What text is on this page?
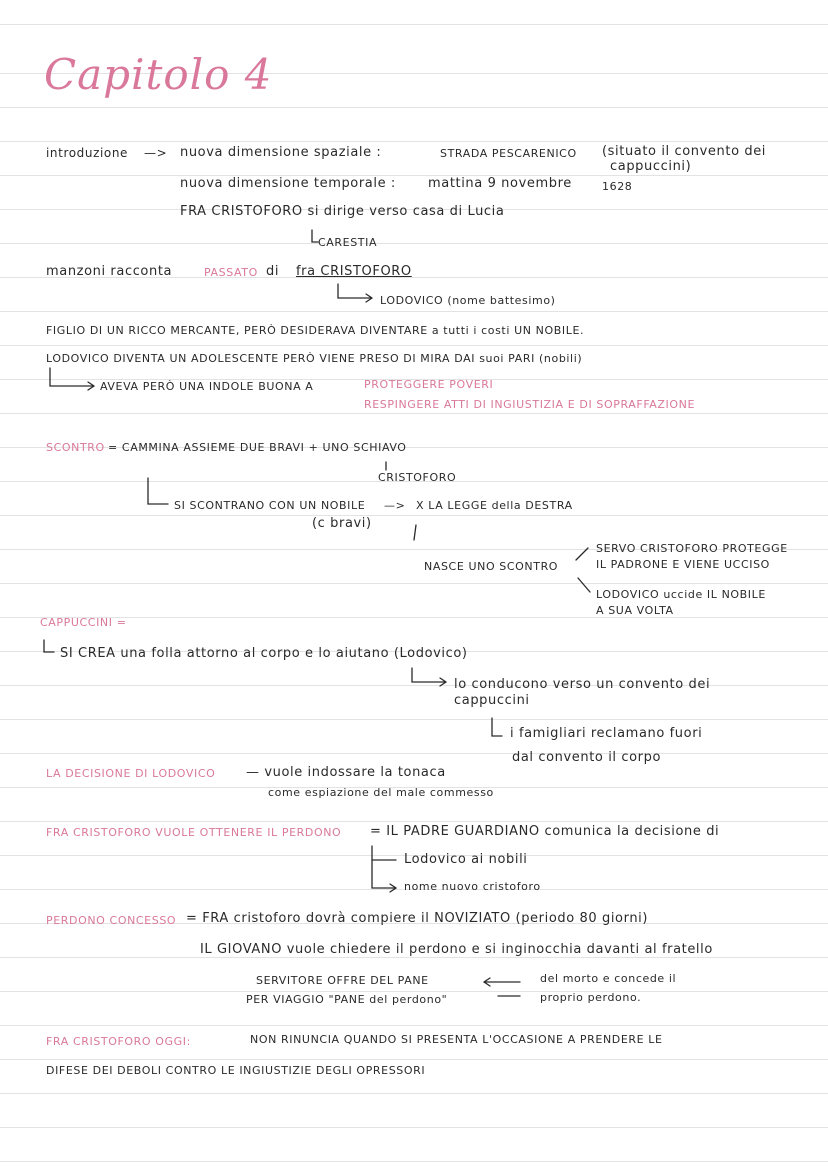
Capitolo 4
introduzione —> nuova dimensione spaziale :	STRADA PESCARENICO (situato il convento dei
cappuccini)
nuova dimensione temporale : mattina 9 novembre	1628
FRA CRISTOFORO si dirige verso casa di Lucia
CARESTIA
manzoni racconta	PASSATO di fra CRISTOFORO
LODOVICO (nome battesimo)
FIGLIO DI UN RICCO MERCANTE, PERÒ DESIDERAVA DIVENTARE a tutti i costi UN NOBILE.
LODOVICO DIVENTA UN ADOLESCENTE PERÒ VIENE PRESO DI MIRA DAI suoi PARI (nobili)
AVEVA PERÒ UNA INDOLE BUONA A	PROTEGGERE POVERI
RESPINGERE ATTI DI INGIUSTIZIA E DI SOPRAFFAZIONE
SCONTRO = CAMMINA ASSIEME DUE BRAVI + UNO SCHIAVO
CRISTOFORO
SI SCONTRANO CON UN NOBILE —> X LA LEGGE della DESTRA
(c bravi)
NASCE UNO SCONTRO
SERVO CRISTOFORO PROTEGGE
IL PADRONE E VIENE UCCISO
LODOVICO uccide IL NOBILE
A SUA VOLTA
CAPPUCCINI =
SI CREA una folla attorno al corpo e lo aiutano (Lodovico)
lo conducono verso un convento dei
cappuccini
i famigliari reclamano fuori
dal convento il corpo
LA DECISIONE DI LODOVICO — vuole indossare la tonaca
come espiazione del male commesso
FRA CRISTOFORO VUOLE OTTENERE IL PERDONO = IL PADRE GUARDIANO comunica la decisione di
Lodovico ai nobili
nome nuovo cristoforo
PERDONO CONCESSO = FRA cristoforo dovrà compiere il NOVIZIATO (periodo 80 giorni)
IL GIOVANO vuole chiedere il perdono e si inginocchia davanti al fratello
SERVITORE OFFRE DEL PANE
PER VIAGGIO "PANE del perdono"
del morto e concede il
proprio perdono.
FRA CRISTOFORO OGGI:	NON RINUNCIA QUANDO SI PRESENTA L'OCCASIONE A PRENDERE LE
DIFESE DEI DEBOLI CONTRO LE INGIUSTIZIE DEGLI OPRESSORI
